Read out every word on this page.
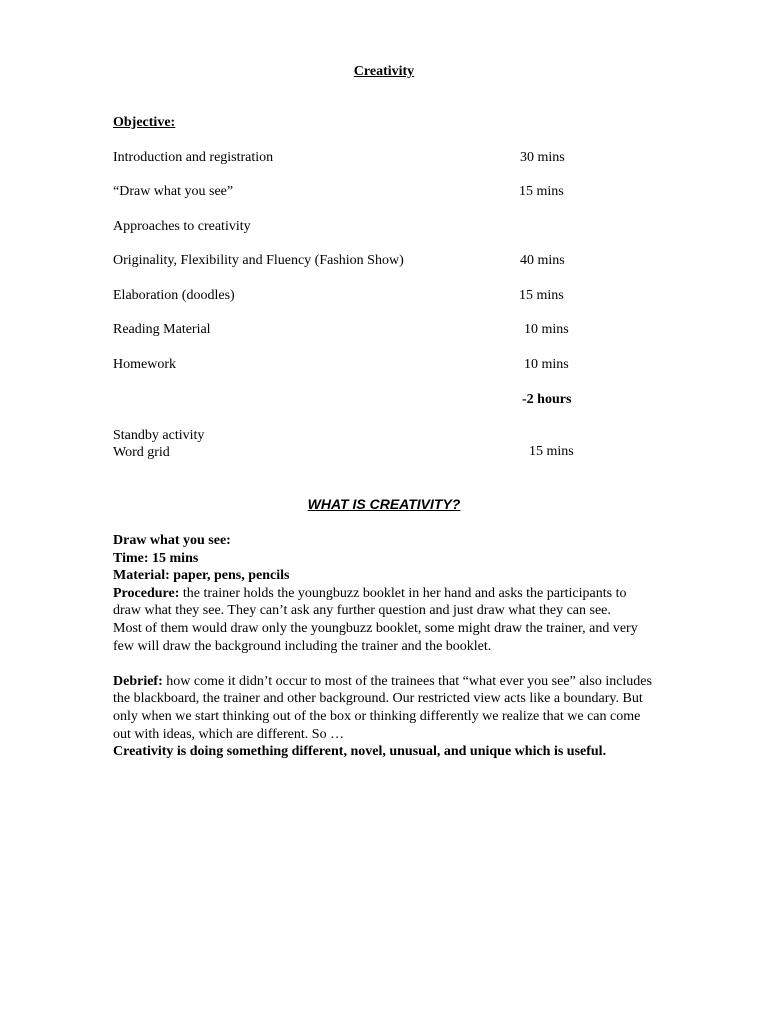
Creativity
Objective:
Introduction and registration	30 mins
“Draw what you see”	15 mins
Approaches to creativity
Originality, Flexibility and Fluency (Fashion Show)	40 mins
Elaboration (doodles)	15 mins
Reading Material	10 mins
Homework	10 mins
-2 hours
Standby activity
Word grid	15 mins
WHAT IS CREATIVITY?

Draw what you see:

Time: 15 mins

Material: paper, pens, pencils

Procedure: the trainer holds the youngbuzz booklet in her hand and asks the participants to draw what they see. They can’t ask any further question and just draw what they can see.

Most of them would draw only the youngbuzz booklet, some might draw the trainer, and very few will draw the background including the trainer and the booklet.

Debrief: how come it didn’t occur to most of the trainees that “what ever you see” also includes the blackboard, the trainer and other background. Our restricted view acts like a boundary. But only when we start thinking out of the box or thinking differently we realize that we can come out with ideas, which are different. So …

Creativity is doing something different, novel, unusual, and unique which is useful.
